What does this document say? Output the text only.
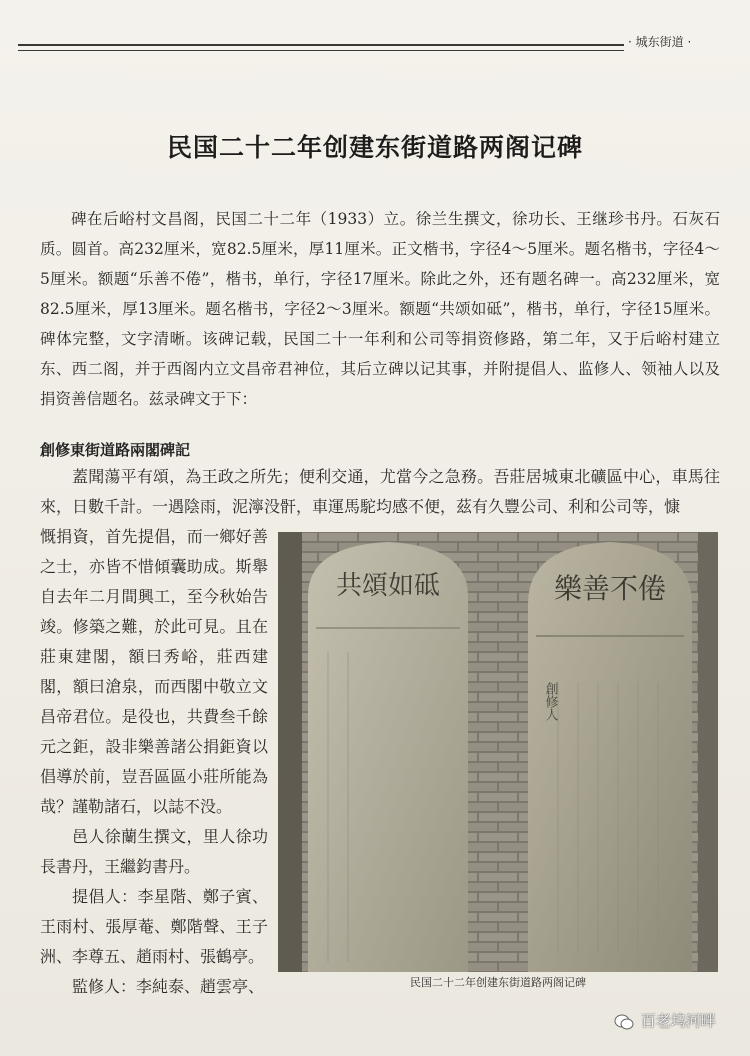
· 城东街道 ·
民国二十二年创建东街道路两阁记碑
碑在后峪村文昌阁，民国二十二年（1933）立。徐兰生撰文，徐功长、王继珍书丹。石灰石质。圆首。高232厘米，宽82.5厘米，厚11厘米。正文楷书，字径4～5厘米。题名楷书，字径4～5厘米。额题“乐善不倦”，楷书，单行，字径17厘米。除此之外，还有题名碑一。高232厘米，宽82.5厘米，厚13厘米。题名楷书，字径2～3厘米。额题“共颂如砥”，楷书，单行，字径15厘米。碑体完整，文字清晰。该碑记载，民国二十一年利和公司等捐资修路，第二年，又于后峪村建立东、西二阁，并于西阁内立文昌帝君神位，其后立碑以记其事，并附提倡人、监修人、领袖人以及捐资善信题名。兹录碑文于下：
創修東街道路兩閣碑記
蓋聞蕩平有頌，為王政之所先；便利交通，尤當今之急務。吾莊居城東北礦區中心，車馬往來，日數千計。一遇陰雨，泥濘没骭，車運馬駝均感不便，茲有久豐公司、利和公司等，慷

慨捐資，首先提倡，而一鄉好善之士，亦皆不惜傾囊助成。斯舉自去年二月間興工，至今秋始告竣。修築之難，於此可見。且在莊東建閣，額曰秀峪，莊西建閣，額曰滄泉，而西閣中敬立文昌帝君位。是役也，共費叁千餘元之鉅，設非樂善諸公捐鉅資以倡導於前，豈吾區區小莊所能為哉？謹勒諸石，以誌不没。

邑人徐蘭生撰文，里人徐功長書丹，王繼鈞書丹。

提倡人：李星階、鄭子賓、王雨村、張厚菴、鄭階聲、王子洲、李尊五、趙雨村、張鶴亭。

監修人：李純泰、趙雲亭、

共頌如砥	樂善不倦
創修人
民国二十二年创建东街道路两阁记碑
百老坞河畔
